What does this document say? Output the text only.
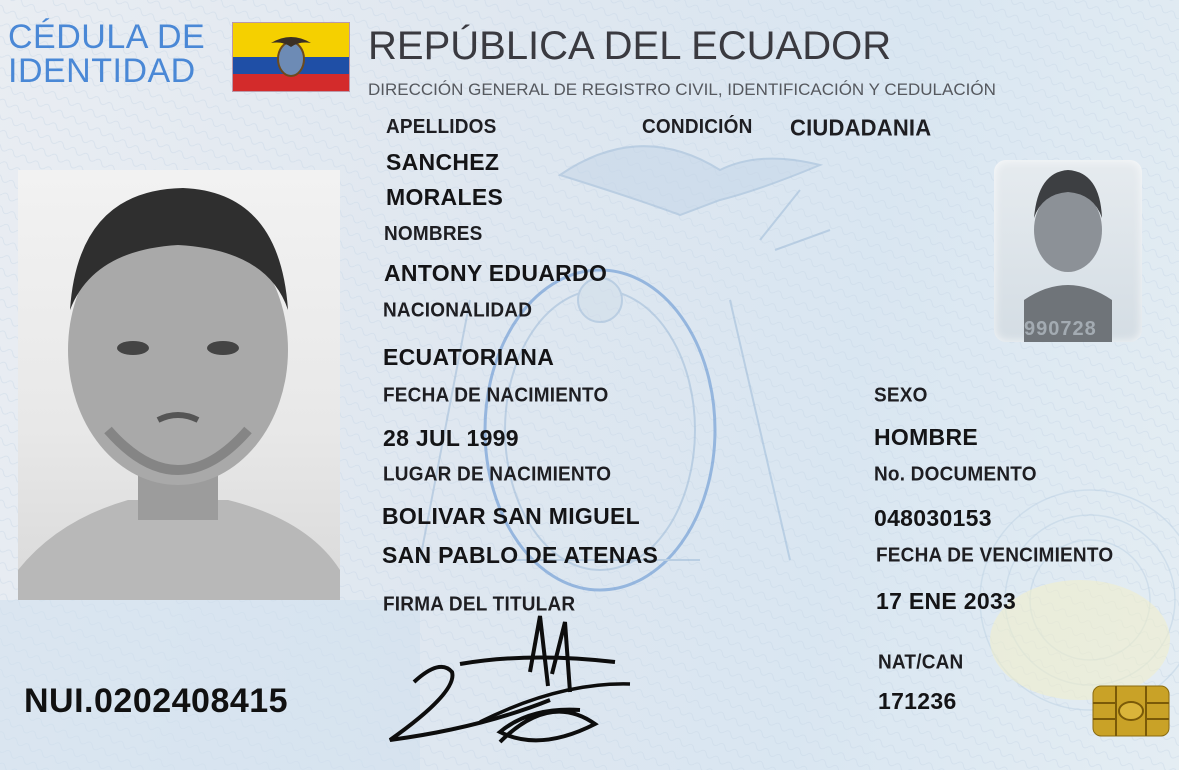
CÉDULA DE IDENTIDAD
REPÚBLICA DEL ECUADOR
DIRECCIÓN GENERAL DE REGISTRO CIVIL, IDENTIFICACIÓN Y CEDULACIÓN
CONDICIÓN CIUDADANIA
990728
APELLIDOS
SANCHEZ
MORALES
NOMBRES
ANTONY EDUARDO
NACIONALIDAD
ECUATORIANA
FECHA DE NACIMIENTO
28 JUL 1999
LUGAR DE NACIMIENTO
BOLIVAR SAN MIGUEL
SAN PABLO DE ATENAS
FIRMA DEL TITULAR
SEXO
HOMBRE
No. DOCUMENTO
048030153
FECHA DE VENCIMIENTO
17 ENE 2033
NAT/CAN
171236
NUI.0202408415
